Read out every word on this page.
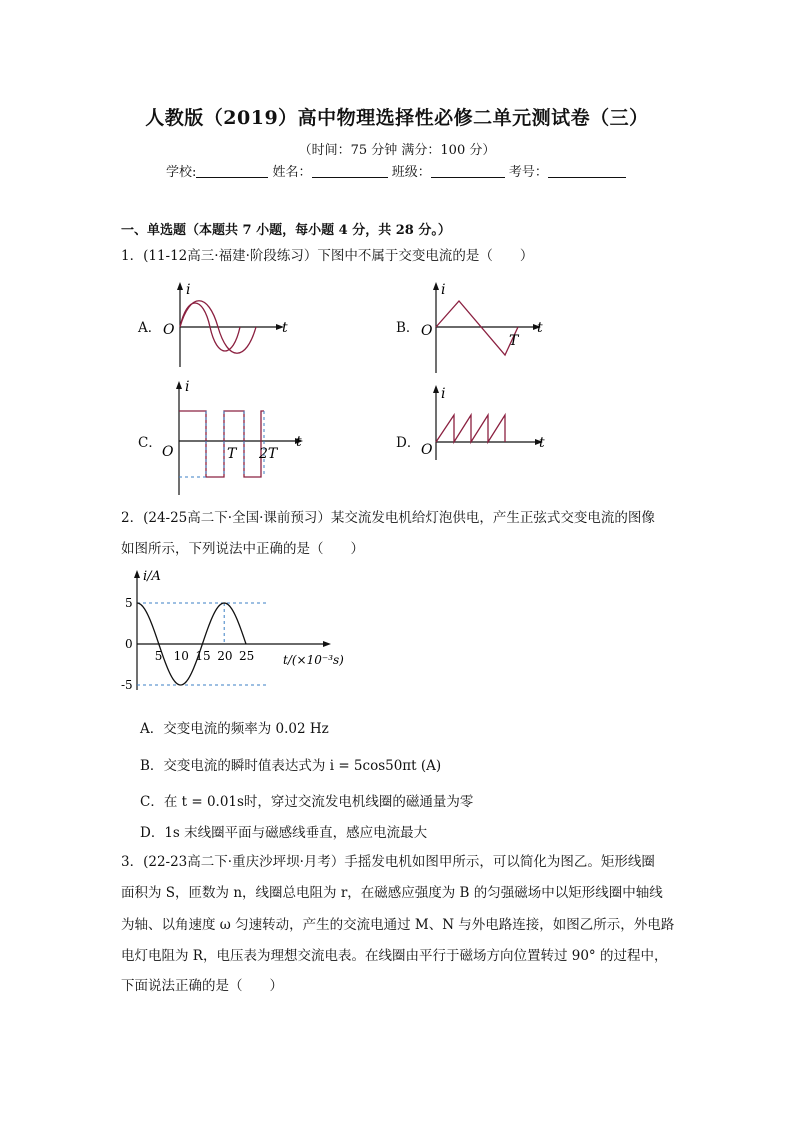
人教版（2019）高中物理选择性必修二单元测试卷（三）
（时间：75 分钟 满分：100 分）
学校:	姓名：	班级：	考号：
一、单选题（本题共 7 小题，每小题 4 分，共 28 分。）
1．(11-12高三·福建·阶段练习）下图中不属于交变电流的是（　　）
A．	B．
C．	D．
i
O	t
i
O	t
T
i
O
t
T 2T
i
O	t
2．(24-25高二下·全国·课前预习）某交流发电机给灯泡供电，产生正弦式交变电流的图像
如图所示，下列说法中正确的是（　　）
i/A
t/(×10⁻³s)
5 10 15 20 25
5
0
-5
A．交变电流的频率为 0.02 Hz
B．交变电流的瞬时值表达式为 i = 5cos50πt (A)
C．在 t = 0.01s时，穿过交流发电机线圈的磁通量为零
D．1s 末线圈平面与磁感线垂直，感应电流最大
3．(22-23高二下·重庆沙坪坝·月考）手摇发电机如图甲所示，可以简化为图乙。矩形线圈
面积为 S，匝数为 n，线圈总电阻为 r，在磁感应强度为 B 的匀强磁场中以矩形线圈中轴线
为轴、以角速度 ω 匀速转动，产生的交流电通过 M、N 与外电路连接，如图乙所示，外电路
电灯电阻为 R，电压表为理想交流电表。在线圈由平行于磁场方向位置转过 90° 的过程中，
下面说法正确的是（　　）
